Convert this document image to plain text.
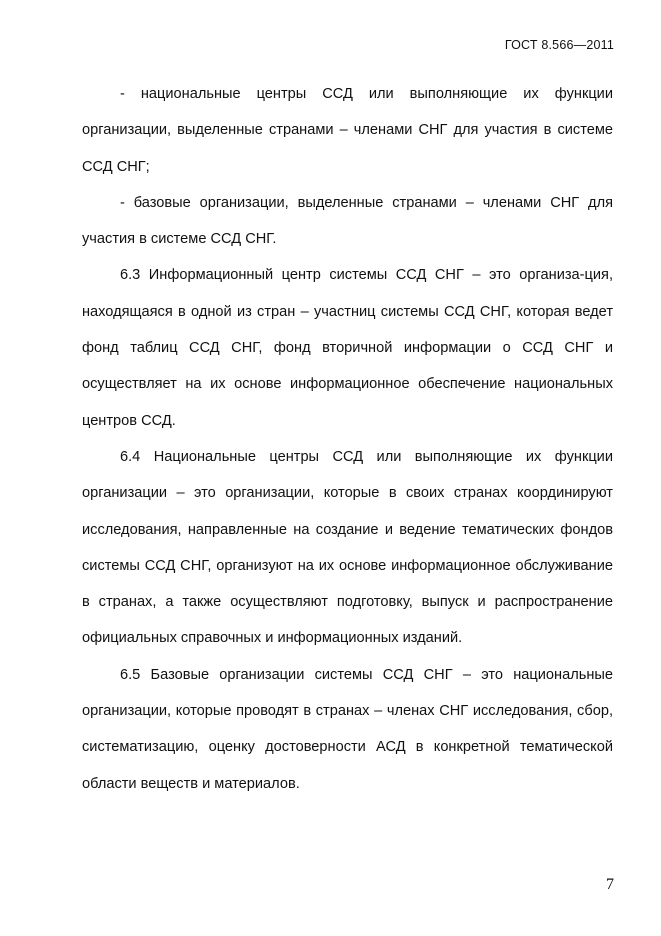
ГОСТ 8.566—2011

- национальные центры ССД или выполняющие их функции организации, выделенные странами – членами СНГ для участия в системе ССД СНГ;

- базовые организации, выделенные странами – членами СНГ для участия в системе ССД СНГ.

6.3 Информационный центр системы ССД СНГ – это организа-ция, находящаяся в одной из стран – участниц системы ССД СНГ, которая ведет фонд таблиц ССД СНГ, фонд вторичной информации о ССД СНГ и осуществляет на их основе информационное обеспечение национальных центров ССД.

6.4 Национальные центры ССД или выполняющие их функции организации – это организации, которые в своих странах координируют исследования, направленные на создание и ведение тематических фондов системы ССД СНГ, организуют на их основе информационное обслуживание в странах, а также осуществляют подготовку, выпуск и распространение официальных справочных и информационных изданий.

6.5 Базовые организации системы ССД СНГ – это национальные организации, которые проводят в странах – членах СНГ исследования, сбор, систематизацию, оценку достоверности АСД в конкретной тематической области веществ и материалов.

7
